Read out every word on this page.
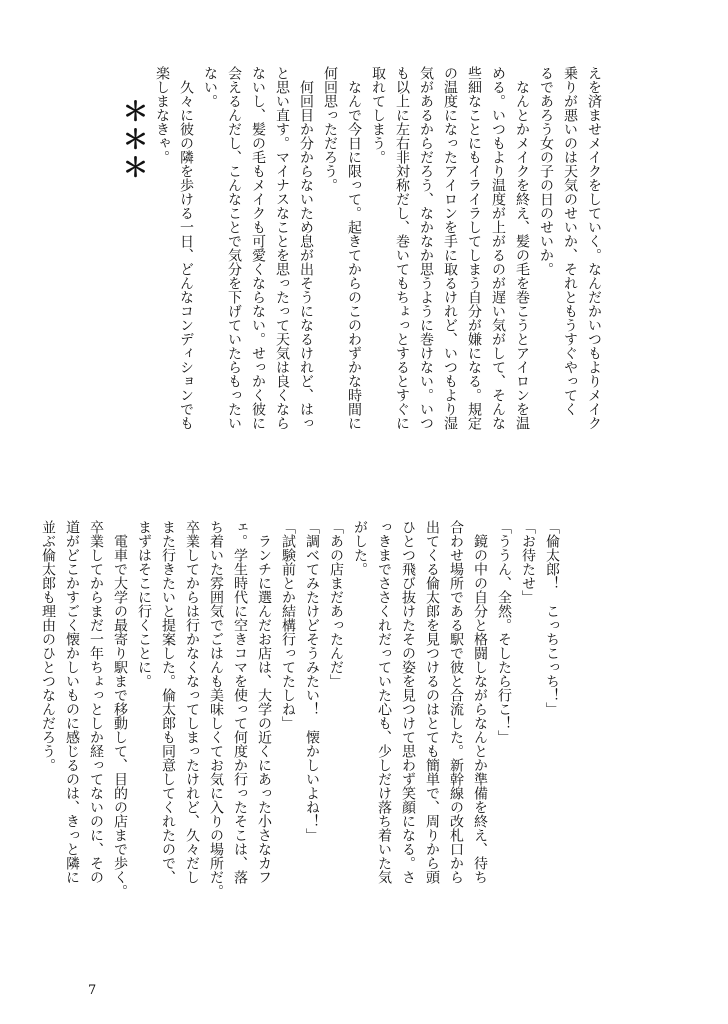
えを済ませメイクをしていく。なんだかいつもよりメイク
乗りが悪いのは天気のせいか、それともうすぐやってく
るであろう女の子の日のせいか。
　なんとかメイクを終え、髪の毛を巻こうとアイロンを温
める。いつもより温度が上がるのが遅い気がして、そんな
些細なことにもイライラしてしまう自分が嫌になる。規定
の温度になったアイロンを手に取るけれど、いつもより湿
気があるからだろう、なかなか思うように巻けない。いつ
も以上に左右非対称だし、巻いてもちょっとするとすぐに
取れてしまう。
　なんで今日に限って。起きてからのこのわずかな時間に
何回思っただろう。
　何回目か分からないため息が出そうになるけれど、はっ
と思い直す。マイナスなことを思ったって天気は良くなら
ないし、髪の毛もメイクも可愛くならない。せっかく彼に
会えるんだし、こんなことで気分を下げていたらもったい
ない。
　久々に彼の隣を歩ける一日、どんなコンディションでも
楽しまなきゃ。

＊＊＊

「倫太郎！　こっちこっち！」
「お待たせ」
「ううん、全然。そしたら行こ！」
　鏡の中の自分と格闘しながらなんとか準備を終え、待ち
合わせ場所である駅で彼と合流した。新幹線の改札口から
出てくる倫太郎を見つけるのはとても簡単で、周りから頭
ひとつ飛び抜けたその姿を見つけて思わず笑顔になる。さ
っきまでささくれだっていた心も、少しだけ落ち着いた気
がした。
「あの店まだあったんだ」
「調べてみたけどそうみたい！　懐かしいよね！」
「試験前とか結構行ってたしね」
　ランチに選んだお店は、大学の近くにあった小さなカフ
ェ。学生時代に空きコマを使って何度か行ったそこは、落
ち着いた雰囲気でごはんも美味しくてお気に入りの場所だ。
卒業してからは行かなくなってしまったけれど、久々だし
また行きたいと提案した。倫太郎も同意してくれたので、
まずはそこに行くことに。
　電車で大学の最寄り駅まで移動して、目的の店まで歩く。
卒業してからまだ一年ちょっとしか経ってないのに、その
道がどこかすごく懐かしいものに感じるのは、きっと隣に
並ぶ倫太郎も理由のひとつなんだろう。

7
